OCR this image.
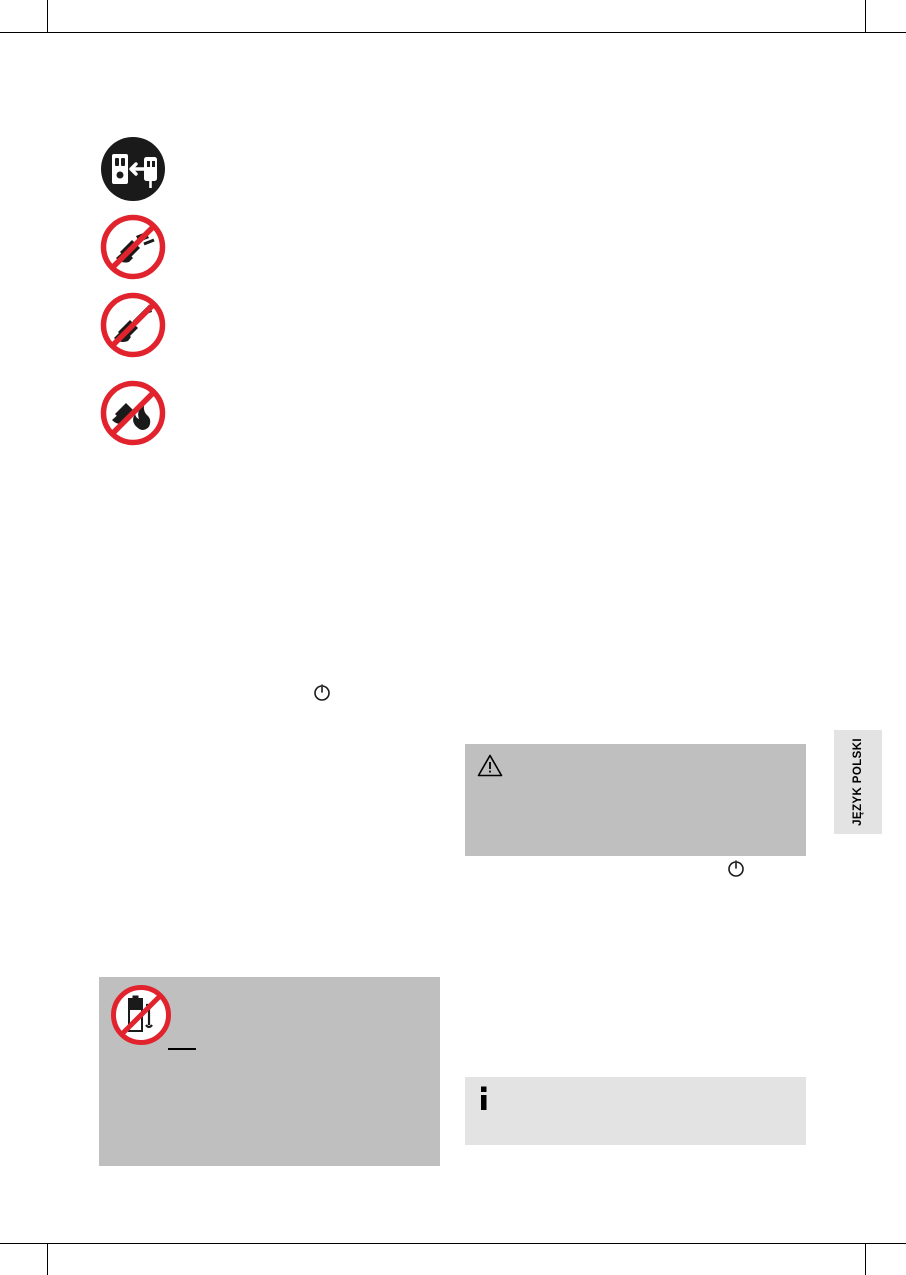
JĘZYK POLSKI
